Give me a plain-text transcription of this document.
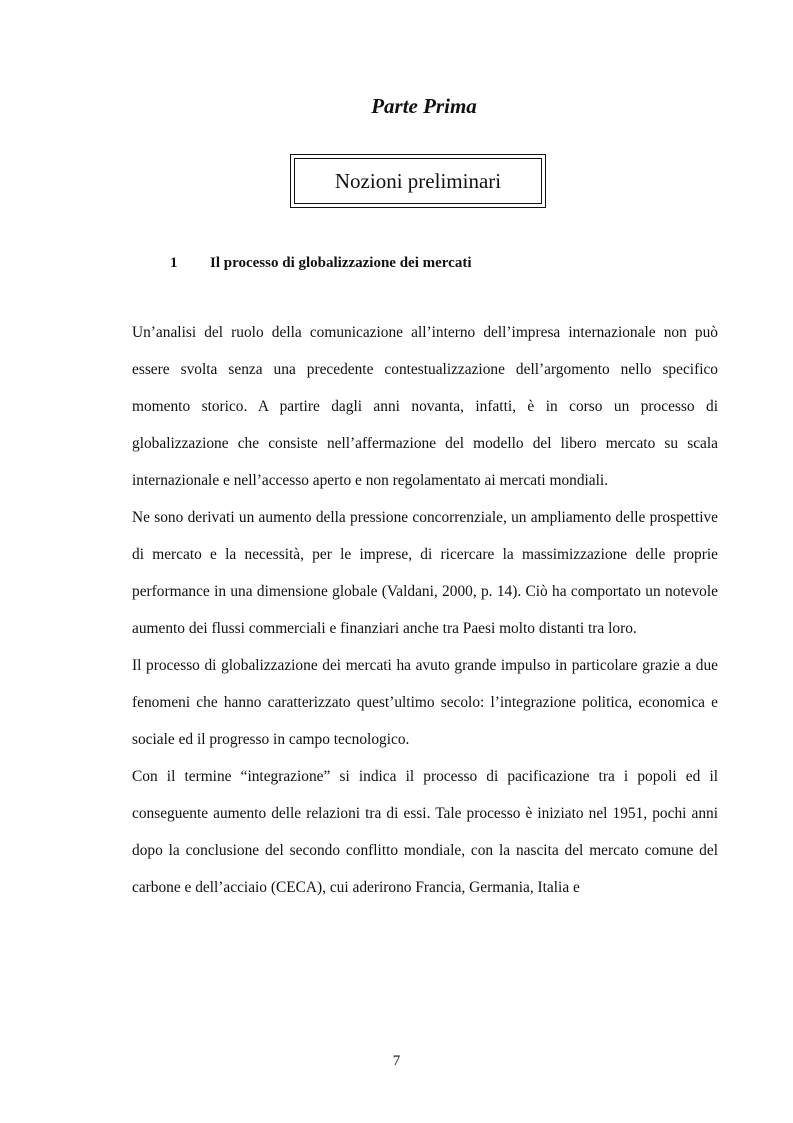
Parte Prima
Nozioni preliminari
1 Il processo di globalizzazione dei mercati

Un’analisi del ruolo della comunicazione all’interno dell’impresa internazionale non può essere svolta senza una precedente contestualizzazione dell’argomento nello specifico momento storico. A partire dagli anni novanta, infatti, è in corso un processo di globalizzazione che consiste nell’affermazione del modello del libero mercato su scala internazionale e nell’accesso aperto e non regolamentato ai mercati mondiali.

Ne sono derivati un aumento della pressione concorrenziale, un ampliamento delle prospettive di mercato e la necessità, per le imprese, di ricercare la massimizzazione delle proprie performance in una dimensione globale (Valdani, 2000, p. 14). Ciò ha comportato un notevole aumento dei flussi commerciali e finanziari anche tra Paesi molto distanti tra loro.

Il processo di globalizzazione dei mercati ha avuto grande impulso in particolare grazie a due fenomeni che hanno caratterizzato quest’ultimo secolo: l’integrazione politica, economica e sociale ed il progresso in campo tecnologico.

Con il termine “integrazione” si indica il processo di pacificazione tra i popoli ed il conseguente aumento delle relazioni tra di essi. Tale processo è iniziato nel 1951, pochi anni dopo la conclusione del secondo conflitto mondiale, con la nascita del mercato comune del carbone e dell’acciaio (CECA), cui aderirono Francia, Germania, Italia e

7
